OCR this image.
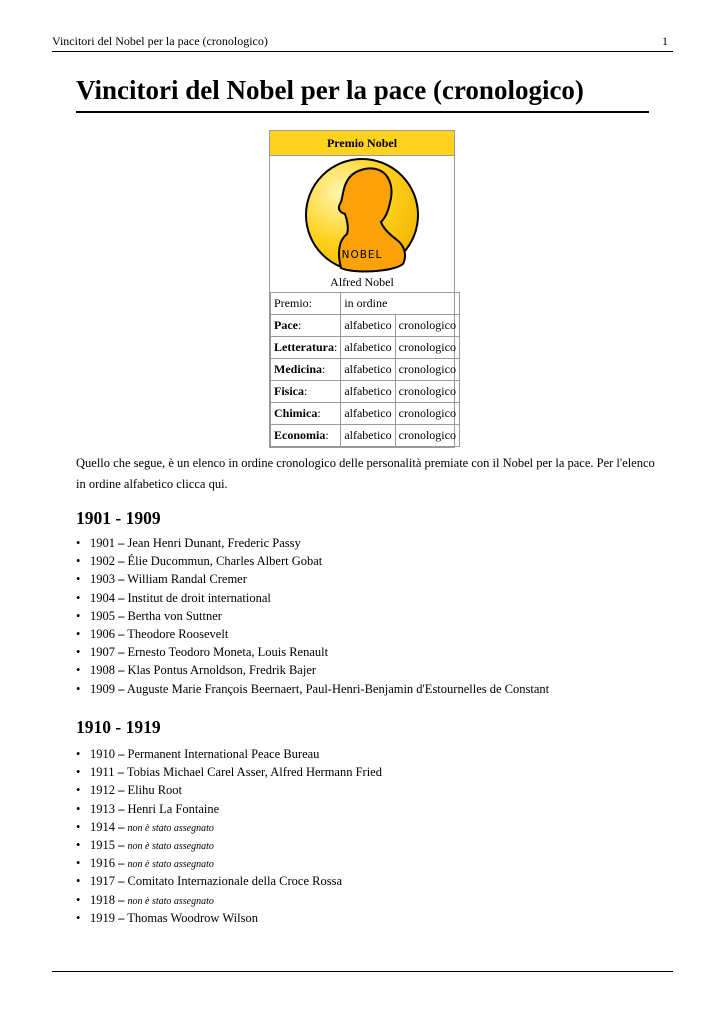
Vincitori del Nobel per la pace (cronologico)	1
Vincitori del Nobel per la pace (cronologico)
Premio Nobel
NOBEL
Alfred Nobel
Premio:	in ordine	
Pace:	alfabetico	cronologico
Letteratura:	alfabetico	cronologico
Medicina:	alfabetico	cronologico
Fisica:	alfabetico	cronologico
Chimica:	alfabetico	cronologico
Economia:	alfabetico	cronologico

Quello che segue, è un elenco in ordine cronologico delle personalità premiate con il Nobel per la pace. Per l'elenco in ordine alfabetico clicca qui.

1901 - 1909
• 1901 – Jean Henri Dunant, Frederic Passy
• 1902 – Élie Ducommun, Charles Albert Gobat
• 1903 – William Randal Cremer
• 1904 – Institut de droit international
• 1905 – Bertha von Suttner
• 1906 – Theodore Roosevelt
• 1907 – Ernesto Teodoro Moneta, Louis Renault
• 1908 – Klas Pontus Arnoldson, Fredrik Bajer
• 1909 – Auguste Marie François Beernaert, Paul-Henri-Benjamin d'Estournelles de Constant
1910 - 1919
• 1910 – Permanent International Peace Bureau
• 1911 – Tobias Michael Carel Asser, Alfred Hermann Fried
• 1912 – Elihu Root
• 1913 – Henri La Fontaine
• 1914 – non è stato assegnato
• 1915 – non è stato assegnato
• 1916 – non è stato assegnato
• 1917 – Comitato Internazionale della Croce Rossa
• 1918 – non è stato assegnato
• 1919 – Thomas Woodrow Wilson
